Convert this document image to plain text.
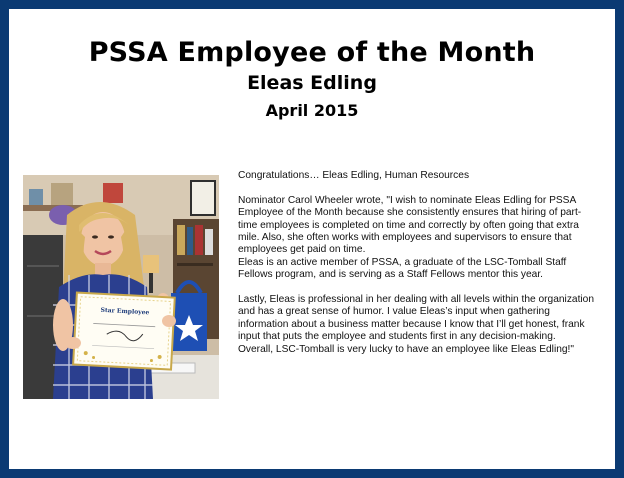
PSSA Employee of the Month
Eleas Edling
April 2015
Star Employee

Congratulations… Eleas Edling, Human Resources

Nominator Carol Wheeler wrote, "I wish to nominate Eleas Edling for PSSA Employee of the Month because she consistently ensures that hiring of part-time employees is completed on time and correctly by often going that extra mile. Also, she often works with employees and supervisors to ensure that employees get paid on time.

Eleas is an active member of PSSA, a graduate of the LSC-Tomball Staff Fellows program, and is serving as a Staff Fellows mentor this year.

Lastly, Eleas is professional in her dealing with all levels within the organization and has a great sense of humor. I value Eleas’s input when gathering information about a business matter because I know that I’ll get honest, frank input that puts the employee and students first in any decision-making.

Overall, LSC-Tomball is very lucky to have an employee like Eleas Edling!"
